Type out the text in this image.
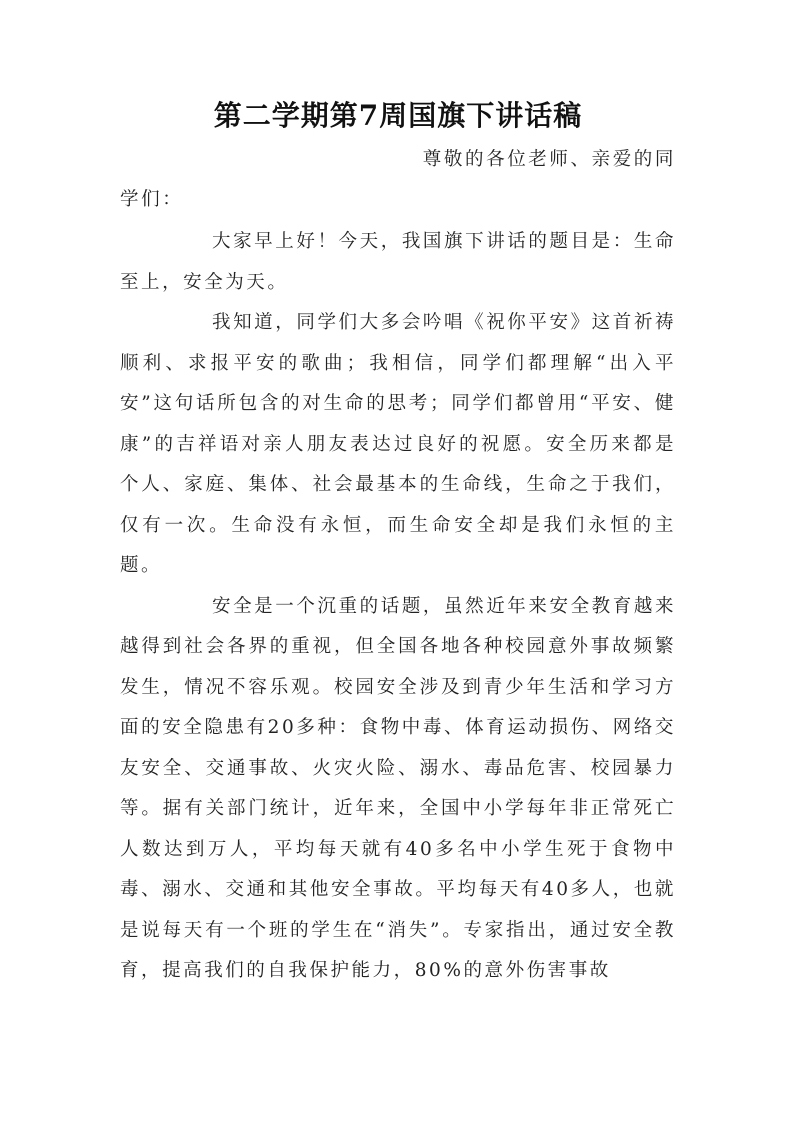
第二学期第7周国旗下讲话稿

尊敬的各位老师、亲爱的同

学们：

大家早上好！今天，我国旗下讲话的题目是：生命至上，安全为天。

我知道，同学们大多会吟唱《祝你平安》这首祈祷顺利、求报平安的歌曲；我相信，同学们都理解“出入平安”这句话所包含的对生命的思考；同学们都曾用“平安、健康”的吉祥语对亲人朋友表达过良好的祝愿。安全历来都是个人、家庭、集体、社会最基本的生命线，生命之于我们，仅有一次。生命没有永恒，而生命安全却是我们永恒的主题。

安全是一个沉重的话题，虽然近年来安全教育越来越得到社会各界的重视，但全国各地各种校园意外事故频繁发生，情况不容乐观。校园安全涉及到青少年生活和学习方面的安全隐患有20多种：食物中毒、体育运动损伤、网络交友安全、交通事故、火灾火险、溺水、毒品危害、校园暴力等。据有关部门统计，近年来，全国中小学每年非正常死亡人数达到万人，平均每天就有40多名中小学生死于食物中毒、溺水、交通和其他安全事故。平均每天有40多人，也就是说每天有一个班的学生在“消失”。专家指出，通过安全教育，提高我们的自我保护能力，80%的意外伤害事故
